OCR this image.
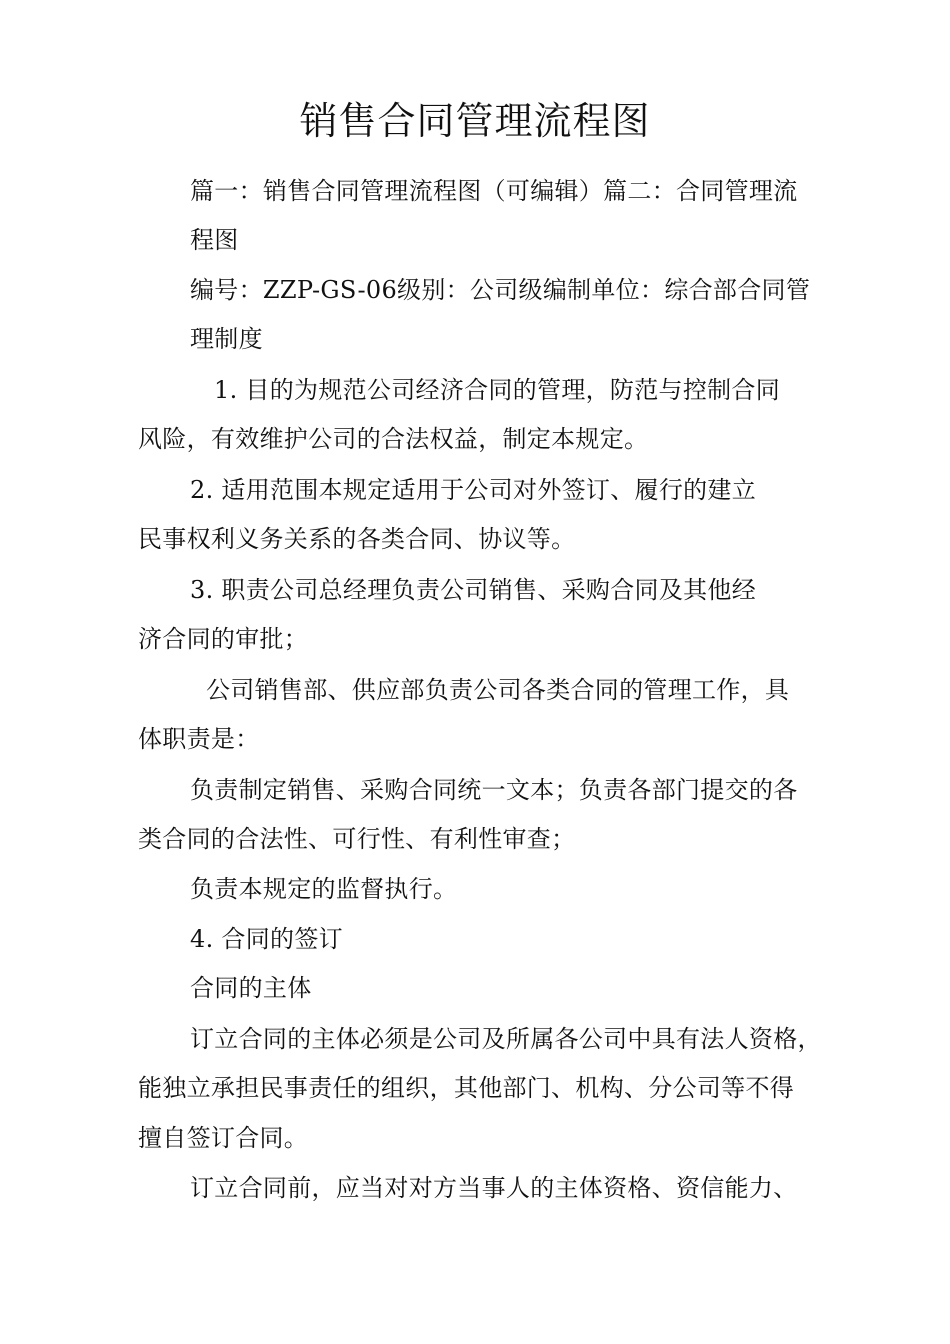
销售合同管理流程图
篇一：销售合同管理流程图（可编辑）篇二：合同管理流
程图
编号：ZZP-GS-06级别：公司级编制单位：综合部合同管
理制度
1. 目的为规范公司经济合同的管理，防范与控制合同
风险，有效维护公司的合法权益，制定本规定。
2. 适用范围本规定适用于公司对外签订、履行的建立
民事权利义务关系的各类合同、协议等。
3. 职责公司总经理负责公司销售、采购合同及其他经
济合同的审批；
公司销售部、供应部负责公司各类合同的管理工作，具
体职责是：
负责制定销售、采购合同统一文本；负责各部门提交的各
类合同的合法性、可行性、有利性审查；
负责本规定的监督执行。
4. 合同的签订
合同的主体
订立合同的主体必须是公司及所属各公司中具有法人资格，
能独立承担民事责任的组织，其他部门、机构、分公司等不得
擅自签订合同。
订立合同前，应当对对方当事人的主体资格、资信能力、
